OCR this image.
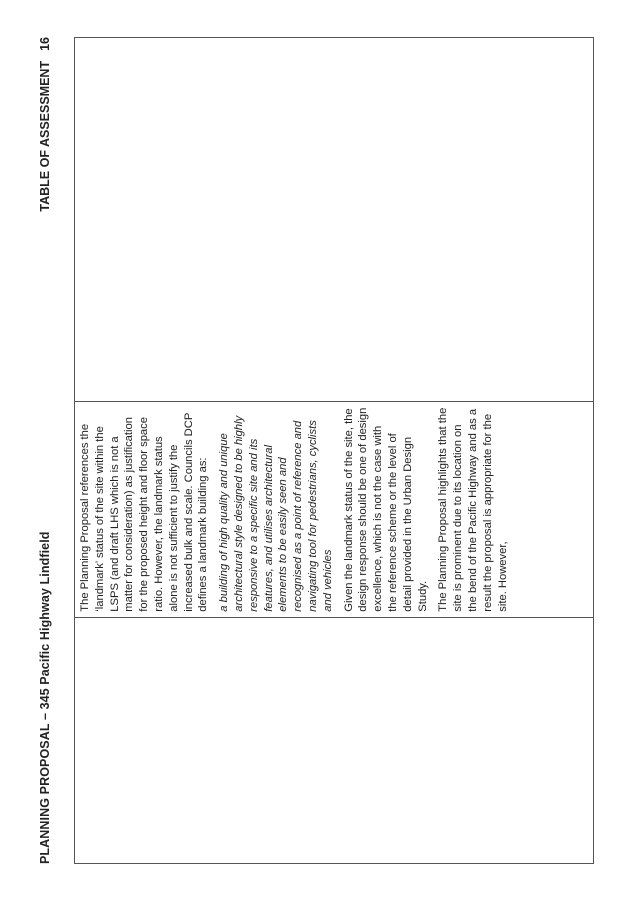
PLANNING PROPOSAL – 345 Pacific Highway Lindfield
TABLE OF ASSESSMENT16

The Planning Proposal references the ‘landmark’ status of the site within the LSPS (and draft LHS which is not a matter for consideration) as justification for the proposed height and floor space ratio. However, the landmark status alone is not sufficient to justify the increased bulk and scale. Councils DCP defines a landmark building as: a building of high quality and unique architectural style designed to be highly responsive to a specific site and its features, and utilises architectural elements to be easily seen and recognised as a point of reference and navigating tool for pedestrians, cyclists and vehicles Given the landmark status of the site, the design response should be one of design excellence, which is not the case with the reference scheme or the level of detail provided in the Urban Design Study. The Planning Proposal highlights that the site is prominent due to its location on the bend of the Pacific Highway and as a result the proposal is appropriate for the site. However,
